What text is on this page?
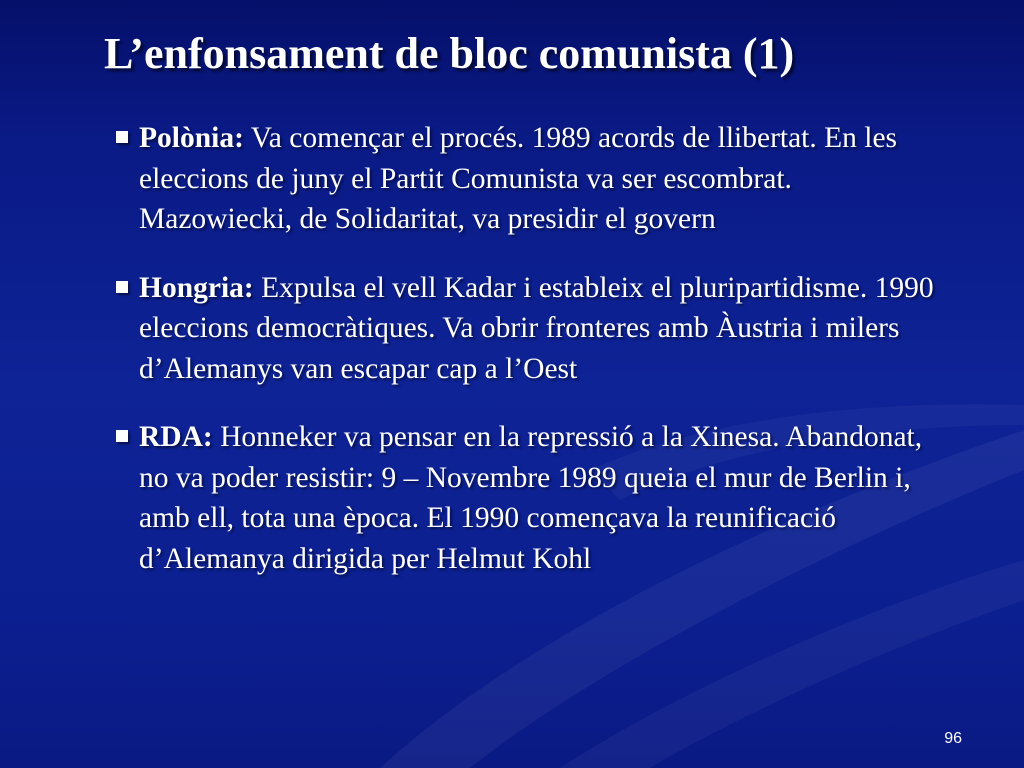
L’enfonsament de bloc comunista (1)
Polònia: Va començar el procés. 1989 acords de llibertat. En les eleccions de juny el Partit Comunista va ser escombrat. Mazowiecki, de Solidaritat, va presidir el govern
Hongria: Expulsa el vell Kadar i estableix el pluripartidisme. 1990 eleccions democràtiques. Va obrir fronteres amb Àustria i milers d’Alemanys van escapar cap a l’Oest
RDA: Honneker va pensar en la repressió a la Xinesa. Abandonat, no va poder resistir: 9 – Novembre 1989 queia el mur de Berlin i, amb ell, tota una època. El 1990 començava la reunificació d’Alemanya dirigida per Helmut Kohl
96
